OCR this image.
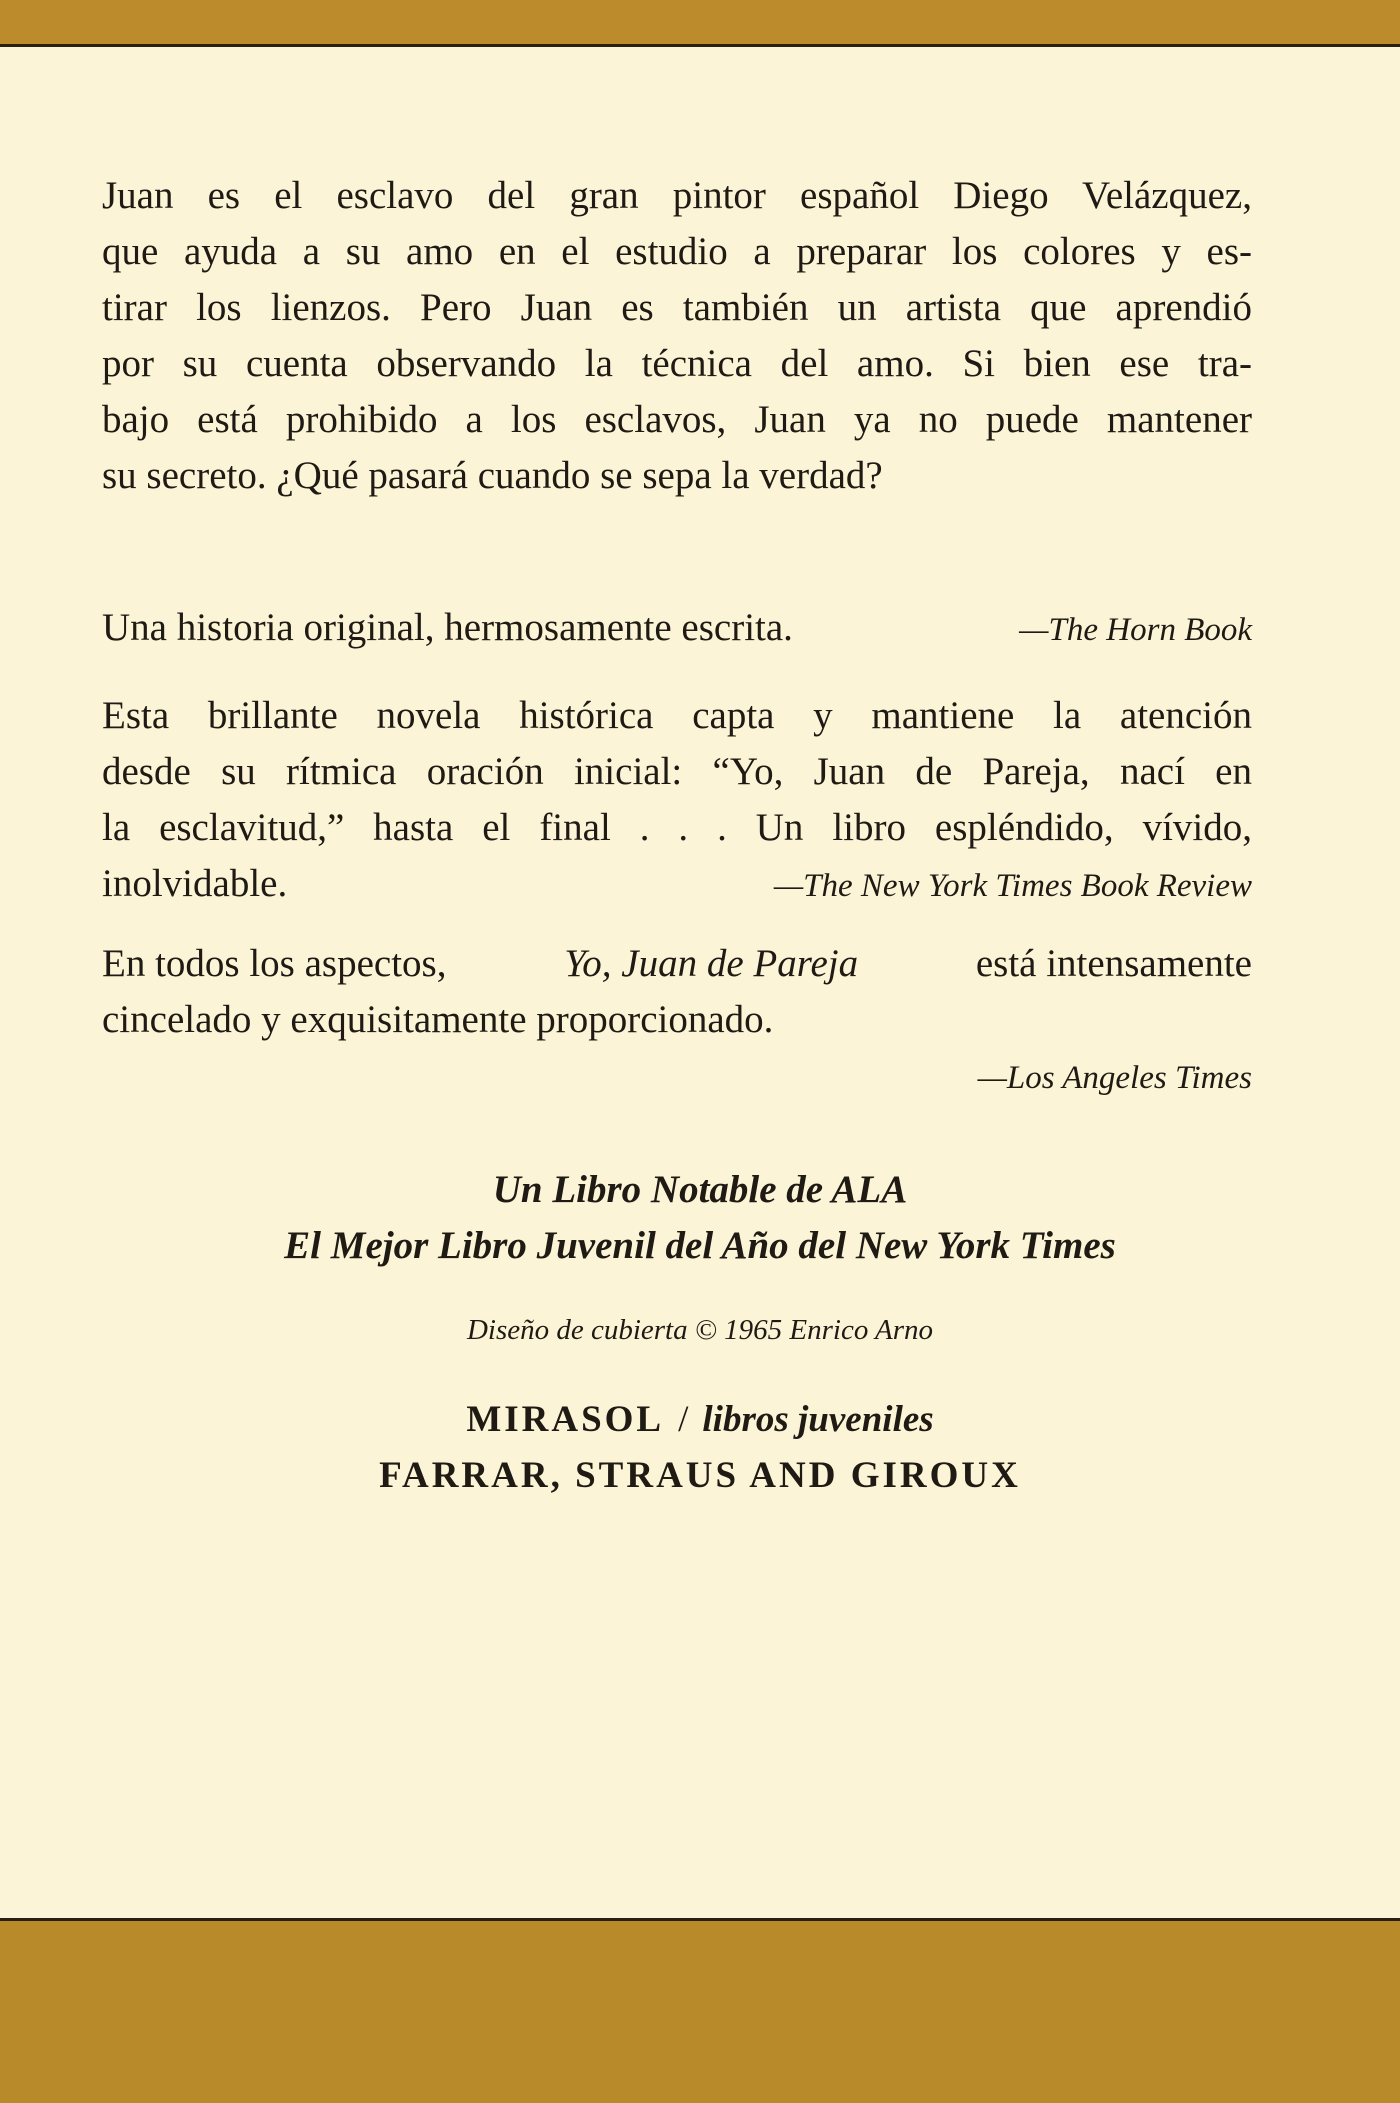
Juan es el esclavo del gran pintor español Diego Velázquez,

que ayuda a su amo en el estudio a preparar los colores y es-

tirar los lienzos. Pero Juan es también un artista que aprendió

por su cuenta observando la técnica del amo. Si bien ese tra-

bajo está prohibido a los esclavos, Juan ya no puede mantener

su secreto. ¿Qué pasará cuando se sepa la verdad?

Una historia original, hermosamente escrita.	—The Horn Book
Esta brillante novela histórica capta y mantiene la atención
desde su rítmica oración inicial: “Yo, Juan de Pareja, nací en
la esclavitud,” hasta el final . . . Un libro espléndido, vívido,
inolvidable.	—The New York Times Book Review
En todos los aspectos,	Yo, Juan de Pareja	está intensamente
cincelado y exquisitamente proporcionado.
—Los Angeles Times
Un Libro Notable de ALA
El Mejor Libro Juvenil del Año del New York Times
Diseño de cubierta © 1965 Enrico Arno
MIRASOL / libros juveniles
FARRAR, STRAUS AND GIROUX
